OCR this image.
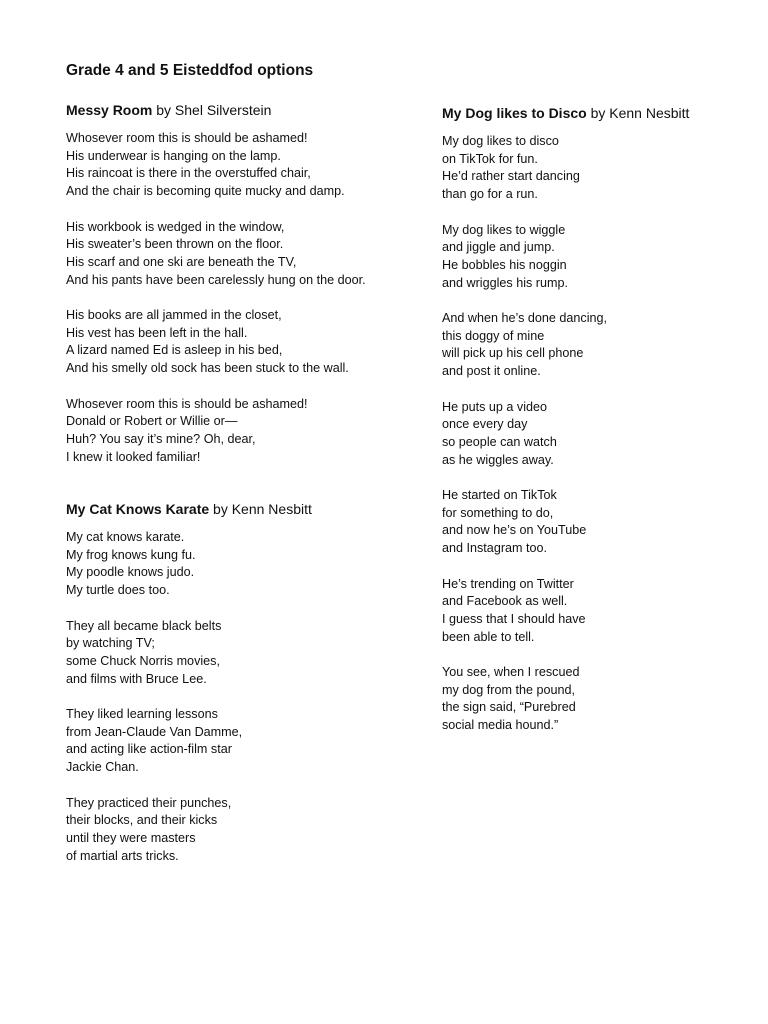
Grade 4 and 5 Eisteddfod options
Messy Room by Shel Silverstein
Whosever room this is should be ashamed!
His underwear is hanging on the lamp.
His raincoat is there in the overstuffed chair,
And the chair is becoming quite mucky and damp.
His workbook is wedged in the window,
His sweater’s been thrown on the floor.
His scarf and one ski are beneath the TV,
And his pants have been carelessly hung on the door.
His books are all jammed in the closet,
His vest has been left in the hall.
A lizard named Ed is asleep in his bed,
And his smelly old sock has been stuck to the wall.
Whosever room this is should be ashamed!
Donald or Robert or Willie or—
Huh? You say it’s mine? Oh, dear,
I knew it looked familiar!
My Cat Knows Karate by Kenn Nesbitt
My cat knows karate.
My frog knows kung fu.
My poodle knows judo.
My turtle does too.
They all became black belts
by watching TV;
some Chuck Norris movies,
and films with Bruce Lee.
They liked learning lessons
from Jean-Claude Van Damme,
and acting like action-film star
Jackie Chan.
They practiced their punches,
their blocks, and their kicks
until they were masters
of martial arts tricks.
My Dog likes to Disco by Kenn Nesbitt
My dog likes to disco
on TikTok for fun.
He’d rather start dancing
than go for a run.
My dog likes to wiggle
and jiggle and jump.
He bobbles his noggin
and wriggles his rump.
And when he’s done dancing,
this doggy of mine
will pick up his cell phone
and post it online.
He puts up a video
once every day
so people can watch
as he wiggles away.
He started on TikTok
for something to do,
and now he’s on YouTube
and Instagram too.
He’s trending on Twitter
and Facebook as well.
I guess that I should have
been able to tell.
You see, when I rescued
my dog from the pound,
the sign said, “Purebred
social media hound.”
